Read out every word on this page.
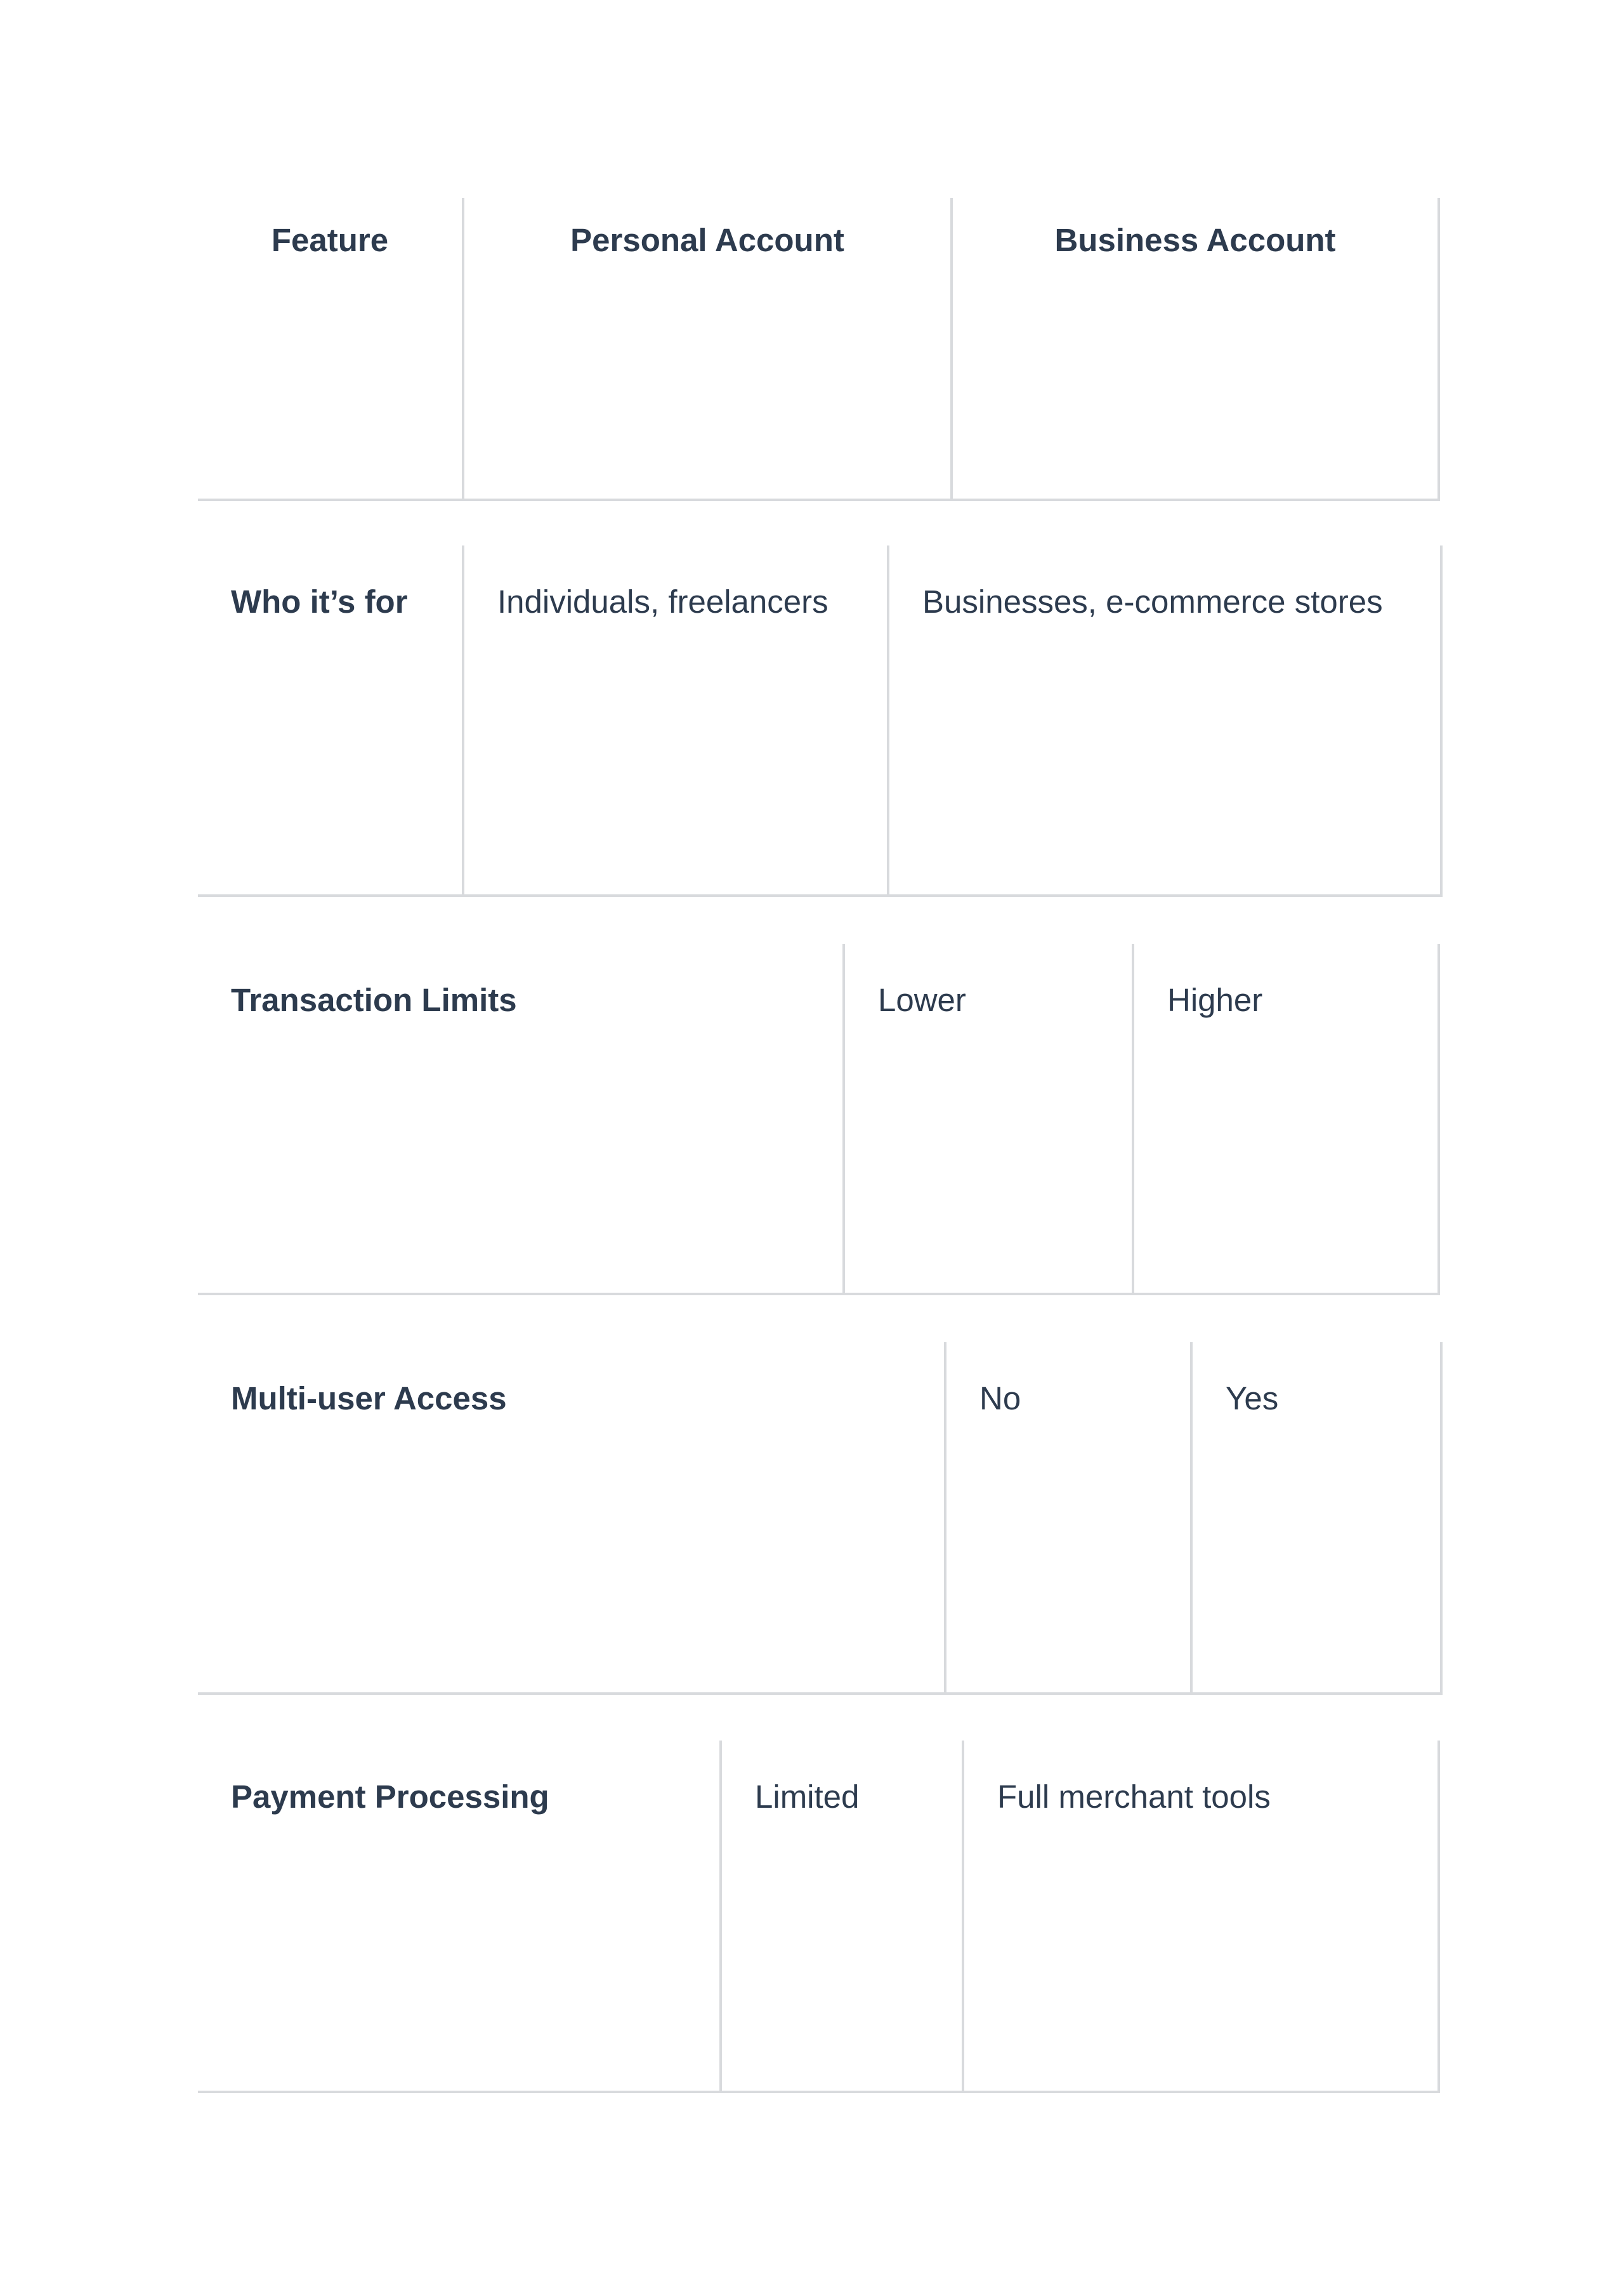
Feature	Personal Account	Business Account
Who it’s for	Individuals, freelancers	Businesses, e-commerce stores
Transaction Limits	Lower	Higher
Multi-user Access	No	Yes
Payment Processing	Limited	Full merchant tools
